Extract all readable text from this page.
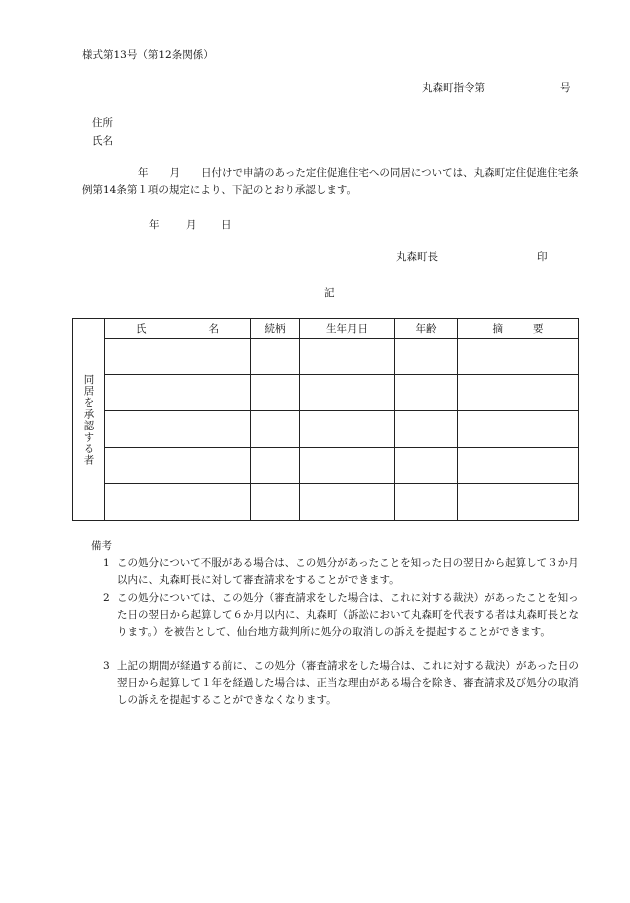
様式第13号（第12条関係）
丸森町指令第	号
住所
氏名
年　　月　　日付けで申請のあった定住促進住宅への同居については、丸森町定住促進住宅条例第14条第１項の規定により、下記のとおり承認します。
年	月 日
丸森町長	印
記
同居を承認する者	氏 名	続柄	生年月日	年齢	摘 要

備考
1 この処分について不服がある場合は、この処分があったことを知った日の翌日から起算して３か月以内に、丸森町長に対して審査請求をすることができます。
2 この処分については、この処分（審査請求をした場合は、これに対する裁決）があったことを知った日の翌日から起算して６か月以内に、丸森町（訴訟において丸森町を代表する者は丸森町長となります。）を被告として、仙台地方裁判所に処分の取消しの訴えを提起することができます。
3 上記の期間が経過する前に、この処分（審査請求をした場合は、これに対する裁決）があった日の翌日から起算して１年を経過した場合は、正当な理由がある場合を除き、審査請求及び処分の取消しの訴えを提起することができなくなります。
